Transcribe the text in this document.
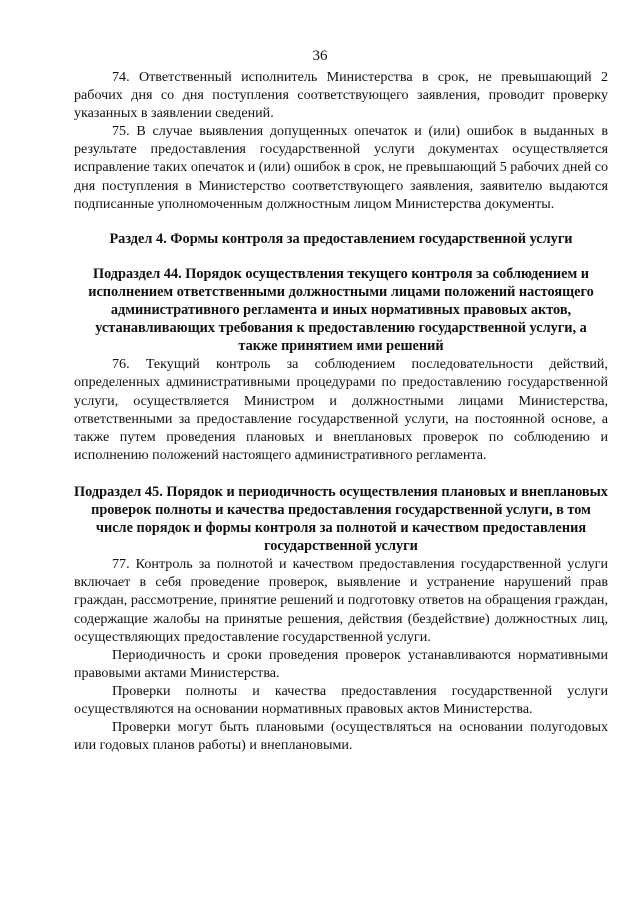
36

74. Ответственный исполнитель Министерства в срок, не превышающий 2 рабочих дня со дня поступления соответствующего заявления, проводит проверку указанных в заявлении сведений.

75. В случае выявления допущенных опечаток и (или) ошибок в выданных в результате предоставления государственной услуги документах осуществляется исправление таких опечаток и (или) ошибок в срок, не превышающий 5 рабочих дней со дня поступления в Министерство соответствующего заявления, заявителю выдаются подписанные уполномоченным должностным лицом Министерства документы.

Раздел 4. Формы контроля за предоставлением государственной услуги
Подраздел 44. Порядок осуществления текущего контроля за соблюдением и исполнением ответственными должностными лицами положений настоящего административного регламента и иных нормативных правовых актов, устанавливающих требования к предоставлению государственной услуги, а также принятием ими решений

76. Текущий контроль за соблюдением последовательности действий, определенных административными процедурами по предоставлению государственной услуги, осуществляется Министром и должностными лицами Министерства, ответственными за предоставление государственной услуги, на постоянной основе, а также путем проведения плановых и внеплановых проверок по соблюдению и исполнению положений настоящего административного регламента.

Подраздел 45. Порядок и периодичность осуществления плановых и внеплановых проверок полноты и качества предоставления государственной услуги, в том числе порядок и формы контроля за полнотой и качеством предоставления государственной услуги

77. Контроль за полнотой и качеством предоставления государственной услуги включает в себя проведение проверок, выявление и устранение нарушений прав граждан, рассмотрение, принятие решений и подготовку ответов на обращения граждан, содержащие жалобы на принятые решения, действия (бездействие) должностных лиц, осуществляющих предоставление государственной услуги.

Периодичность и сроки проведения проверок устанавливаются нормативными правовыми актами Министерства.

Проверки полноты и качества предоставления государственной услуги осуществляются на основании нормативных правовых актов Министерства.

Проверки могут быть плановыми (осуществляться на основании полугодовых или годовых планов работы) и внеплановыми.
